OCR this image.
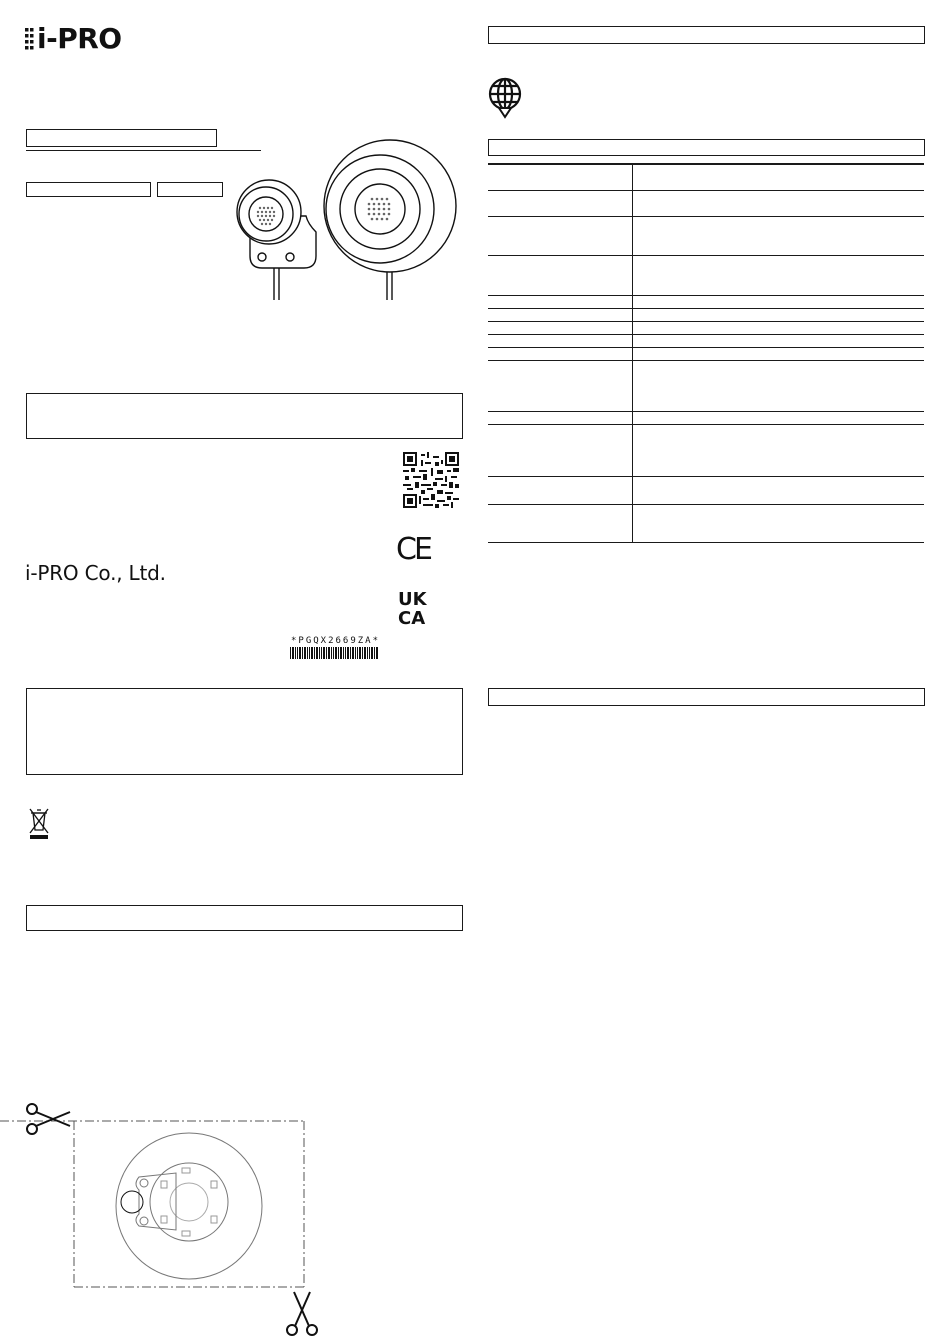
i-PRO
CE
i-PRO Co., Ltd.
UK
CA
*PGQX2669ZA*
